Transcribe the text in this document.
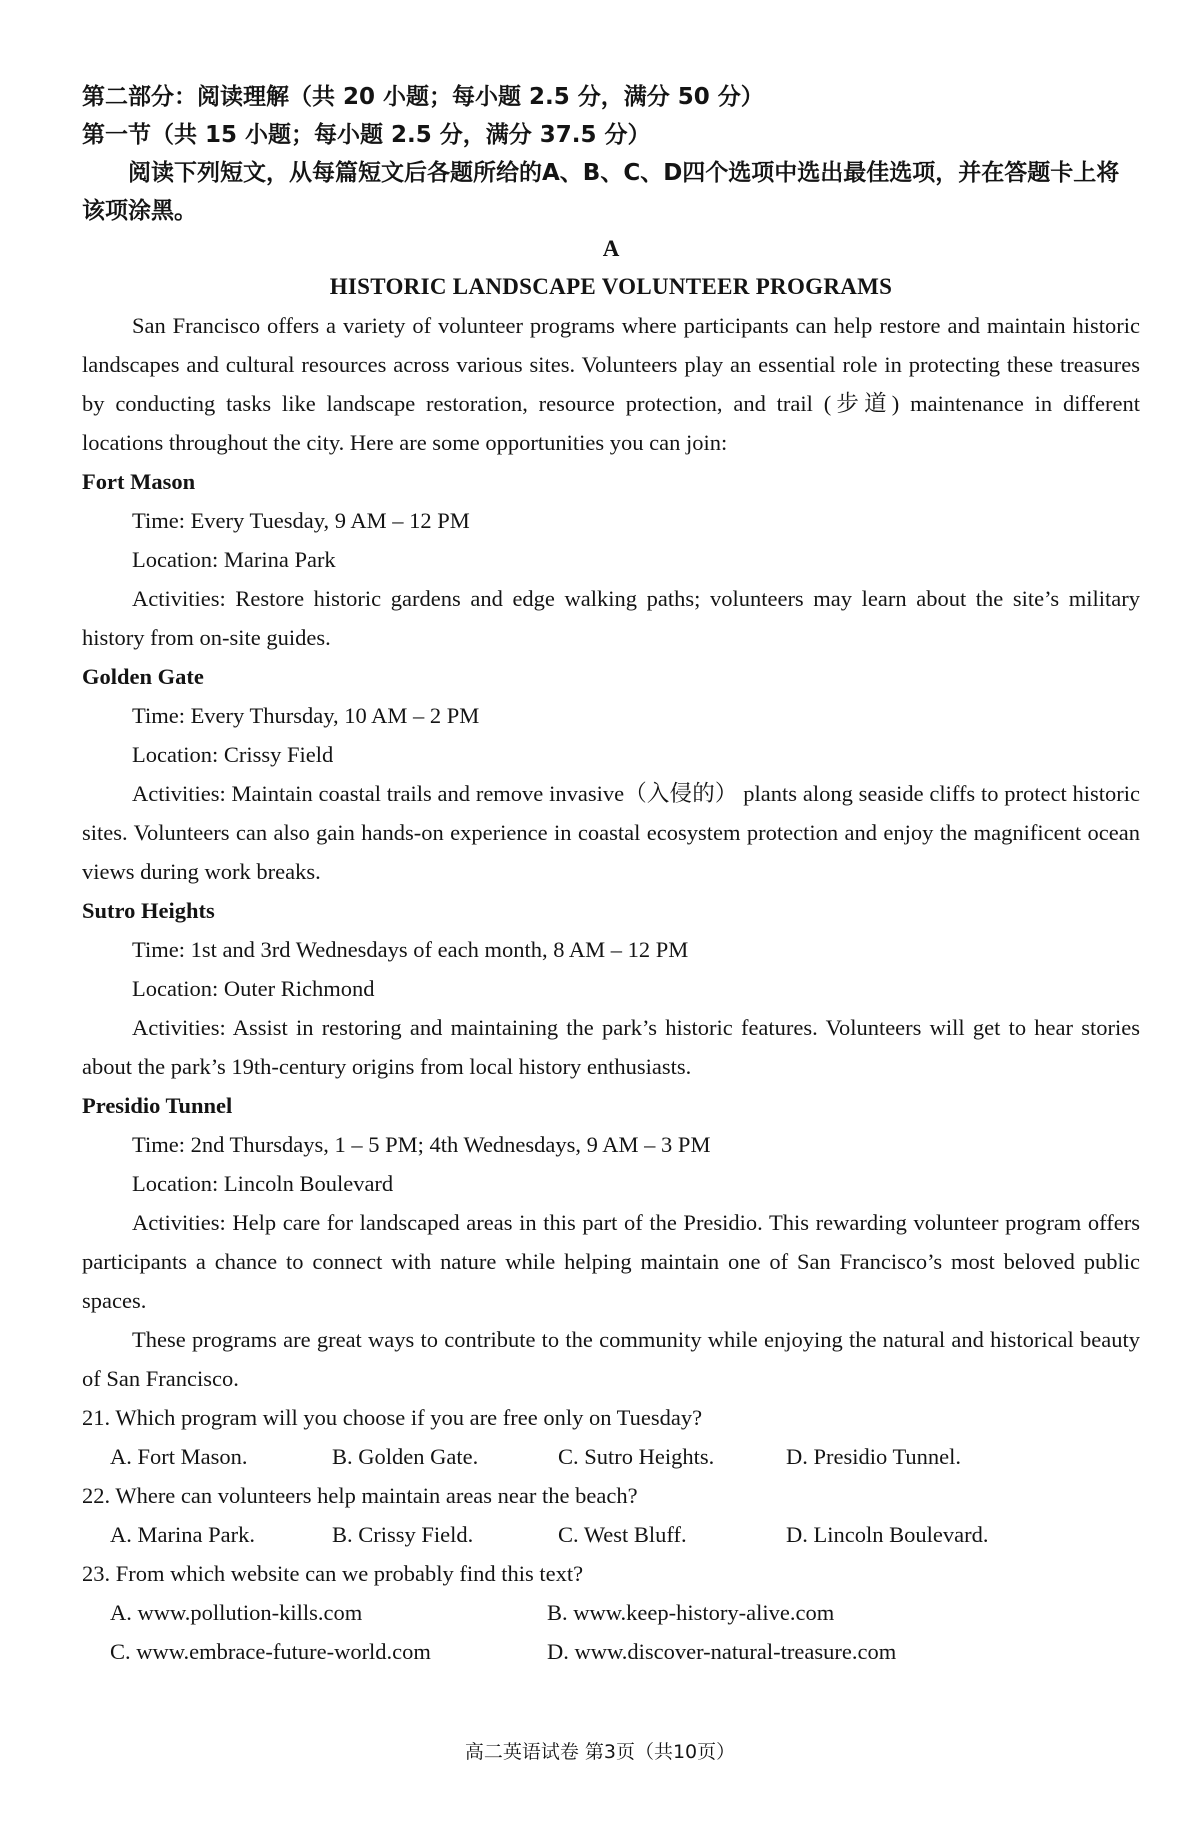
第二部分：阅读理解（共 20 小题；每小题 2.5 分，满分 50 分）
第一节（共 15 小题；每小题 2.5 分，满分 37.5 分）
阅读下列短文，从每篇短文后各题所给的A、B、C、D四个选项中选出最佳选项，并在答题卡上将该项涂黑。
A
HISTORIC LANDSCAPE VOLUNTEER PROGRAMS

San Francisco offers a variety of volunteer programs where participants can help restore and maintain historic landscapes and cultural resources across various sites. Volunteers play an essential role in protecting these treasures by conducting tasks like landscape restoration, resource protection, and trail (步道) maintenance in different locations throughout the city. Here are some opportunities you can join:

Fort Mason
Time: Every Tuesday, 9 AM – 12 PM
Location: Marina Park

Activities: Restore historic gardens and edge walking paths; volunteers may learn about the site’s military history from on-site guides.

Golden Gate
Time: Every Thursday, 10 AM – 2 PM
Location: Crissy Field

Activities: Maintain coastal trails and remove invasive（入侵的） plants along seaside cliffs to protect historic sites. Volunteers can also gain hands-on experience in coastal ecosystem protection and enjoy the magnificent ocean views during work breaks.

Sutro Heights
Time: 1st and 3rd Wednesdays of each month, 8 AM – 12 PM
Location: Outer Richmond

Activities: Assist in restoring and maintaining the park’s historic features. Volunteers will get to hear stories about the park’s 19th-century origins from local history enthusiasts.

Presidio Tunnel
Time: 2nd Thursdays, 1 – 5 PM; 4th Wednesdays, 9 AM – 3 PM
Location: Lincoln Boulevard

Activities: Help care for landscaped areas in this part of the Presidio. This rewarding volunteer program offers participants a chance to connect with nature while helping maintain one of San Francisco’s most beloved public spaces.

These programs are great ways to contribute to the community while enjoying the natural and historical beauty of San Francisco.

21. Which program will you choose if you are free only on Tuesday?
A. Fort Mason.	B. Golden Gate.	C. Sutro Heights.	D. Presidio Tunnel.
22. Where can volunteers help maintain areas near the beach?
A. Marina Park.	B. Crissy Field.	C. West Bluff.	D. Lincoln Boulevard.
23. From which website can we probably find this text?
A. www.pollution-kills.com	B. www.keep-history-alive.com
C. www.embrace-future-world.com	D. www.discover-natural-treasure.com
高二英语试卷 第3页（共10页）
